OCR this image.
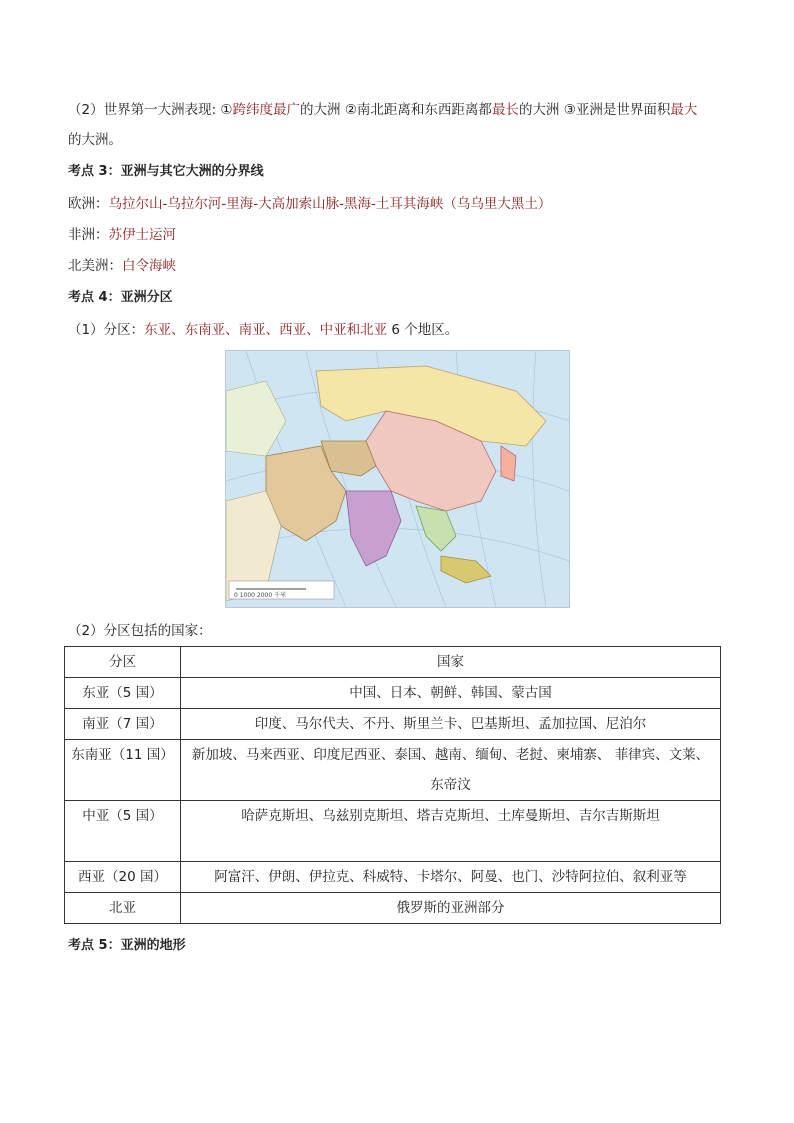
（2）世界第一大洲表现: ①跨纬度最广的大洲 ②南北距离和东西距离都最长的大洲 ③亚洲是世界面积最大
的大洲。
考点 3：亚洲与其它大洲的分界线
欧洲：乌拉尔山-乌拉尔河-里海-大高加索山脉-黑海-土耳其海峡（乌乌里大黑土）
非洲：苏伊士运河
北美洲：白令海峡
考点 4：亚洲分区
（1）分区：东亚、东南亚、南亚、西亚、中亚和北亚 6 个地区。
0 1000 2000 千米
（2）分区包括的国家：
分区	国家
东亚（5 国）	中国、日本、朝鲜、韩国、蒙古国
南亚（7 国）	印度、马尔代夫、不丹、斯里兰卡、巴基斯坦、孟加拉国、尼泊尔
东南亚（11 国）	新加坡、马来西亚、印度尼西亚、泰国、越南、缅甸、老挝、柬埔寨、 菲律宾、文莱、
东帝汶

中亚（5 国）	哈萨克斯坦、乌兹别克斯坦、塔吉克斯坦、土库曼斯坦、吉尔吉斯斯坦
西亚（20 国）	阿富汗、伊朗、伊拉克、科威特、卡塔尔、阿曼、也门、沙特阿拉伯、叙利亚等
北亚	俄罗斯的亚洲部分
考点 5：亚洲的地形
